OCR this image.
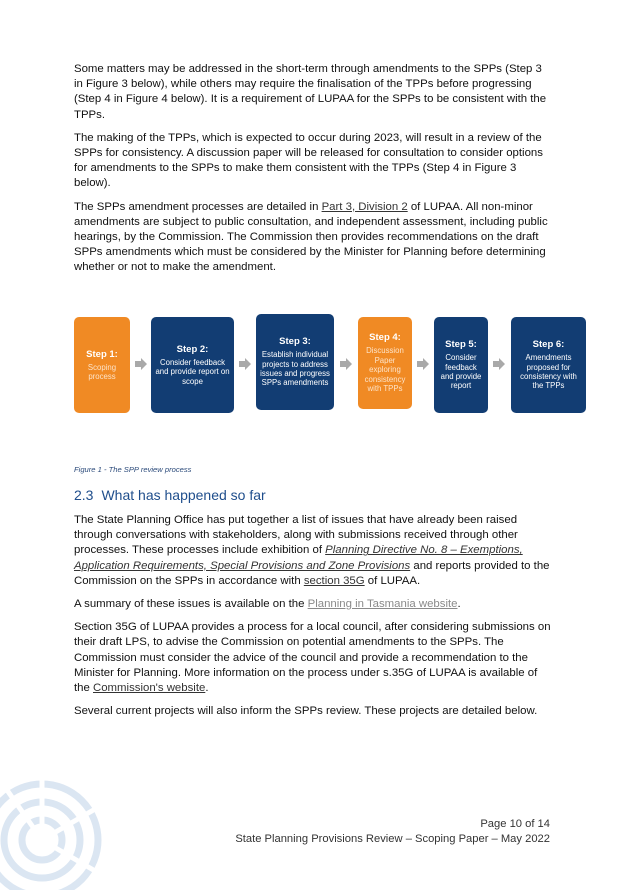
Some matters may be addressed in the short-term through amendments to the SPPs (Step 3 in Figure 3 below), while others may require the finalisation of the TPPs before progressing (Step 4 in Figure 4 below). It is a requirement of LUPAA for the SPPs to be consistent with the TPPs.

The making of the TPPs, which is expected to occur during 2023, will result in a review of the SPPs for consistency. A discussion paper will be released for consultation to consider options for amendments to the SPPs to make them consistent with the TPPs (Step 4 in Figure 3 below).

The SPPs amendment processes are detailed in Part 3, Division 2 of LUPAA. All non-minor amendments are subject to public consultation, and independent assessment, including public hearings, by the Commission. The Commission then provides recommendations on the draft SPPs amendments which must be considered by the Minister for Planning before determining whether or not to make the amendment.

Step 1:
Scoping process
Step 2:
Consider feedback and provide report on scope
Step 3:
Establish individual projects to address issues and progress SPPs amendments
Step 4:
Discussion Paper exploring consistency with TPPs
Step 5:
Consider feedback and provide report
Step 6:
Amendments proposed for consistency with the TPPs
Figure 1 - The SPP review process
2.3 What has happened so far

The State Planning Office has put together a list of issues that have already been raised through conversations with stakeholders, along with submissions received through other processes. These processes include exhibition of Planning Directive No. 8 – Exemptions, Application Requirements, Special Provisions and Zone Provisions and reports provided to the Commission on the SPPs in accordance with section 35G of LUPAA.

A summary of these issues is available on the Planning in Tasmania website.

Section 35G of LUPAA provides a process for a local council, after considering submissions on their draft LPS, to advise the Commission on potential amendments to the SPPs. The Commission must consider the advice of the council and provide a recommendation to the Minister for Planning. More information on the process under s.35G of LUPAA is available of the Commission's website.

Several current projects will also inform the SPPs review. These projects are detailed below.

Page 10 of 14
State Planning Provisions Review – Scoping Paper – May 2022
